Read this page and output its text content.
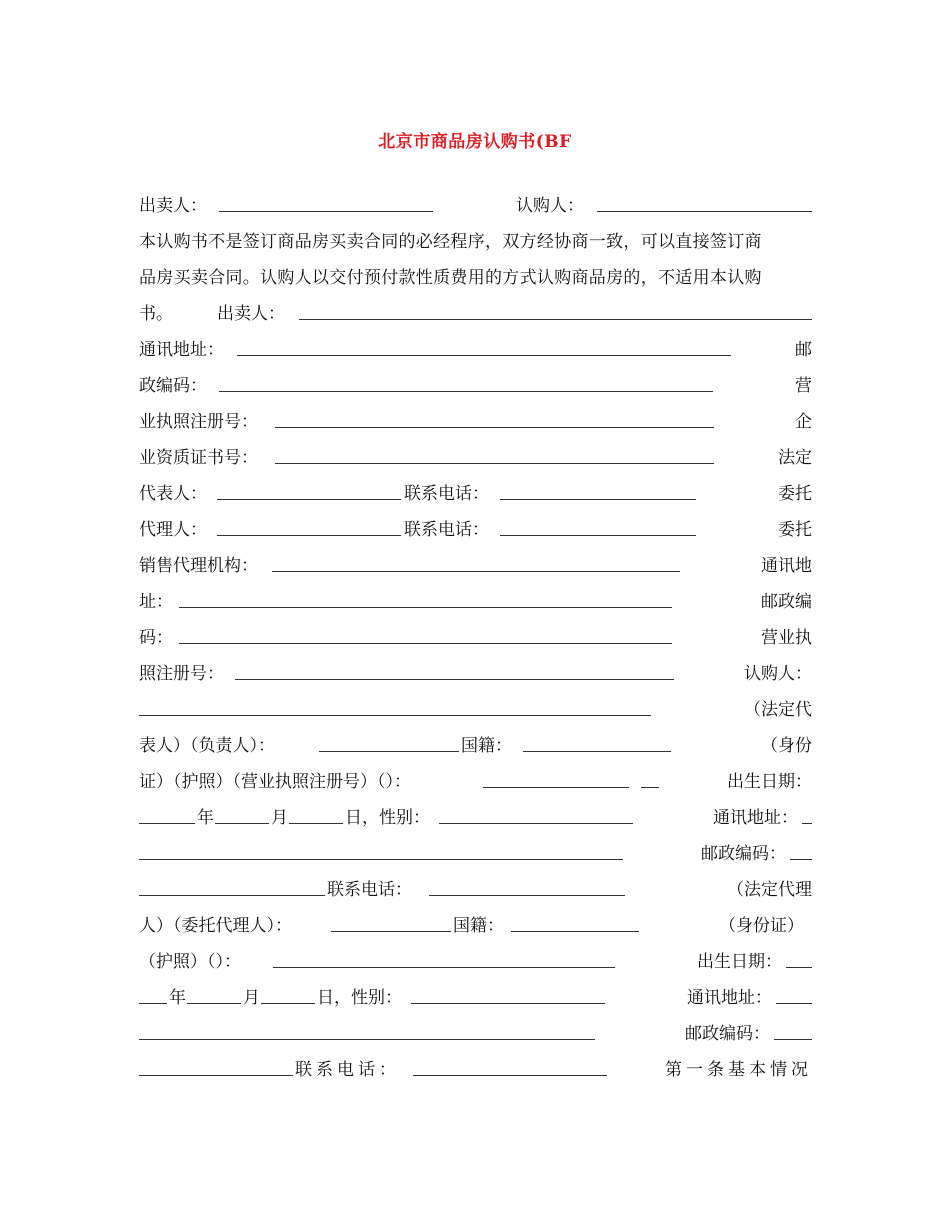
北京市商品房认购书(BF
出卖人：	认购人：
本认购书不是签订商品房买卖合同的必经程序，双方经协商一致，可以直接签订商
品房买卖合同。认购人以交付预付款性质费用的方式认购商品房的，不适用本认购
书。	出卖人：
通讯地址：	邮
政编码：	营
业执照注册号：	企
业资质证书号：	法定
代表人：	联系电话：	委托
代理人：	联系电话：	委托
销售代理机构：	通讯地
址：	邮政编
码：	营业执
照注册号：	认购人：
（法定代
表人）（负责人）：	国籍：	（身份
证）（护照）（营业执照注册号）（）：	出生日期：
年	月	日，性别：	通讯地址：
邮政编码：
联系电话：	（法定代理
人）（委托代理人）：	国籍：	（身份证）
（护照）（）：	出生日期：
年	月	日，性别：	通讯地址：
邮政编码：
联系电话：	第一条基本情况
